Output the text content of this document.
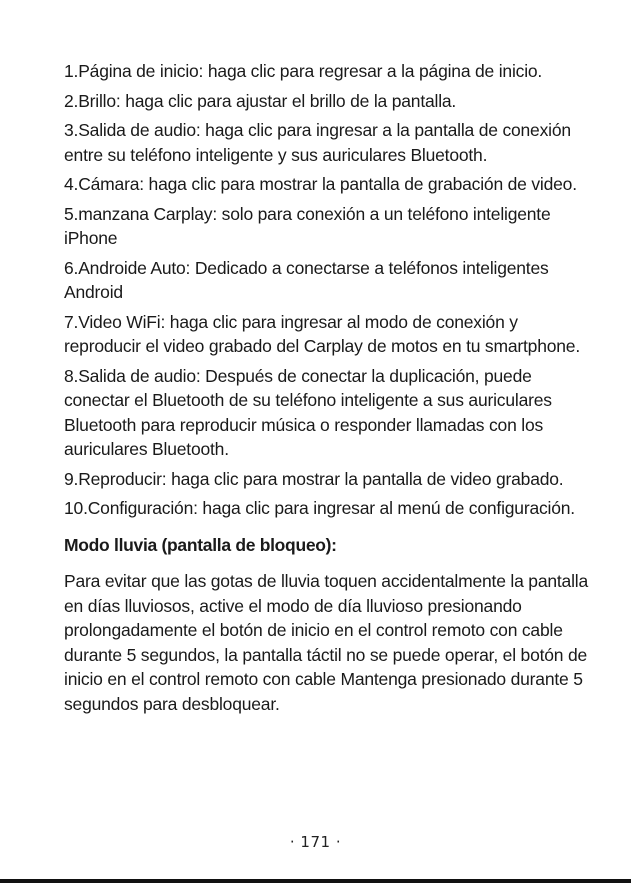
1.Página de inicio: haga clic para regresar a la página de inicio.

2.Brillo: haga clic para ajustar el brillo de la pantalla.

3.Salida de audio: haga clic para ingresar a la pantalla de conexión entre su teléfono inteligente y sus auriculares Bluetooth.

4.Cámara: haga clic para mostrar la pantalla de grabación de video.

5.manzana Carplay: solo para conexión a un teléfono inteligente iPhone

6.Androide Auto: Dedicado a conectarse a teléfonos inteligentes Android

7.Video WiFi: haga clic para ingresar al modo de conexión y reproducir el video grabado del Carplay de motos en tu smartphone.

8.Salida de audio: Después de conectar la duplicación, puede conectar el Bluetooth de su teléfono inteligente a sus auriculares Bluetooth para reproducir música o responder llamadas con los auriculares Bluetooth.

9.Reproducir: haga clic para mostrar la pantalla de video grabado.

10.Configuración: haga clic para ingresar al menú de configuración.

Modo lluvia (pantalla de bloqueo):

Para evitar que las gotas de lluvia toquen accidentalmente la pantalla en días lluviosos, active el modo de día lluvioso presionando prolongadamente el botón de inicio en el control remoto con cable durante 5 segundos, la pantalla táctil no se puede operar, el botón de inicio en el control remoto con cable Mantenga presionado durante 5 segundos para desbloquear.

· 171 ·
